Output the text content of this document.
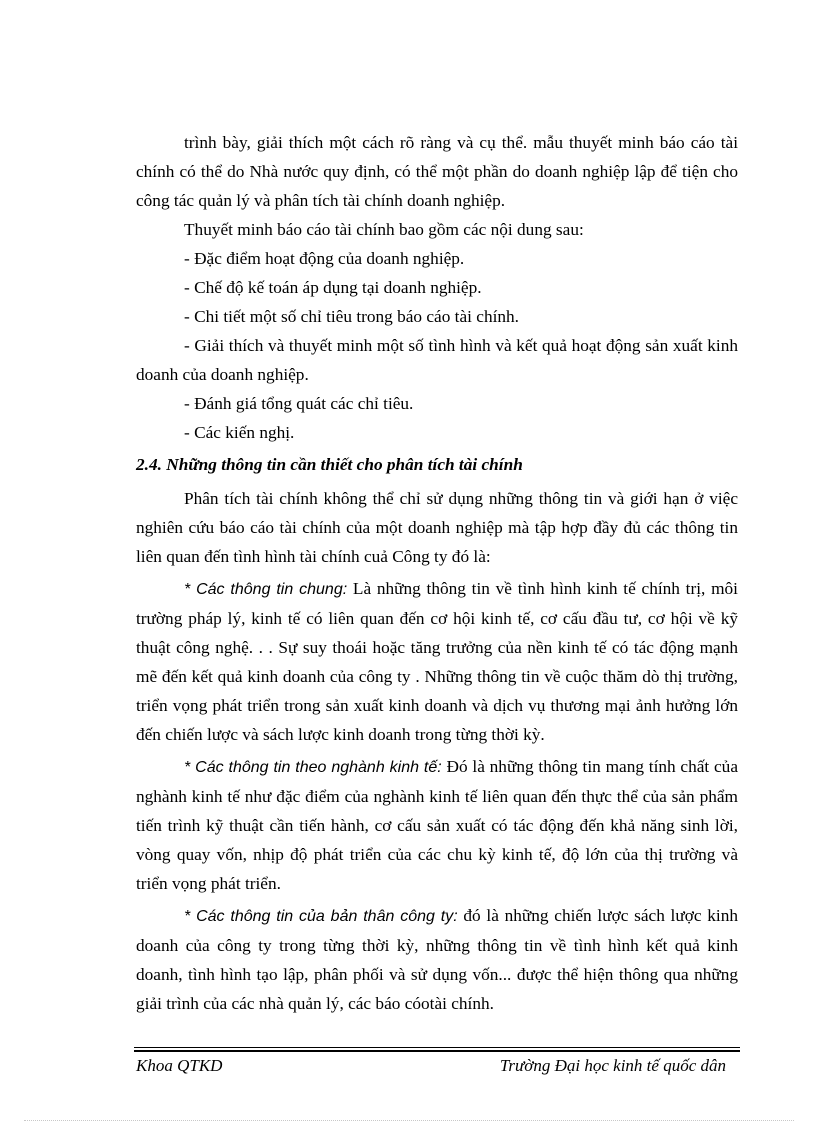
trình bày, giải thích một cách rõ ràng và cụ thể. mẫu thuyết minh báo cáo tài chính có thể do Nhà nước quy định, có thể một phần do doanh nghiệp lập để tiện cho công tác quản lý và phân tích tài chính doanh nghiệp.

Thuyết minh báo cáo tài chính bao gồm các nội dung sau:

- Đặc điểm hoạt động của doanh nghiệp.

- Chế độ kế toán áp dụng tại doanh nghiệp.

- Chi tiết một số chỉ tiêu trong báo cáo tài chính.

- Giải thích và thuyết minh một số tình hình và kết quả hoạt động sản xuất kinh doanh của doanh nghiệp.

- Đánh giá tổng quát các chỉ tiêu.

- Các kiến nghị.

2.4. Những thông tin cần thiết cho phân tích tài chính

Phân tích tài chính không thể chỉ sử dụng những thông tin và giới hạn ở việc nghiên cứu báo cáo tài chính của một doanh nghiệp mà tập hợp đầy đủ các thông tin liên quan đến tình hình tài chính cuả Công ty đó là:

* Các thông tin chung: Là những thông tin về tình hình kinh tế chính trị, môi trường pháp lý, kinh tế có liên quan đến cơ hội kinh tế, cơ cấu đầu tư, cơ hội về kỹ thuật công nghệ. . . Sự suy thoái hoặc tăng trưởng của nền kinh tế có tác động mạnh mẽ đến kết quả kinh doanh của công ty . Những thông tin về cuộc thăm dò thị trường, triển vọng phát triển trong sản xuất kinh doanh và dịch vụ thương mại ảnh hưởng lớn đến chiến lược và sách lược kinh doanh trong từng thời kỳ.

* Các thông tin theo nghành kinh tế: Đó là những thông tin mang tính chất của nghành kinh tế như đặc điểm của nghành kinh tế liên quan đến thực thể của sản phẩm tiến trình kỹ thuật cần tiến hành, cơ cấu sản xuất có tác động đến khả năng sinh lời, vòng quay vốn, nhịp độ phát triển của các chu kỳ kinh tế, độ lớn của thị trường và triển vọng phát triển.

* Các thông tin của bản thân công ty: đó là những chiến lược sách lược kinh doanh của công ty trong từng thời kỳ, những thông tin về tình hình kết quả kinh doanh, tình hình tạo lập, phân phối và sử dụng vốn... được thể hiện thông qua những giải trình của các nhà quản lý, các báo cóotài chính.

Khoa QTKD	Trường Đại học kinh tế quốc dân
